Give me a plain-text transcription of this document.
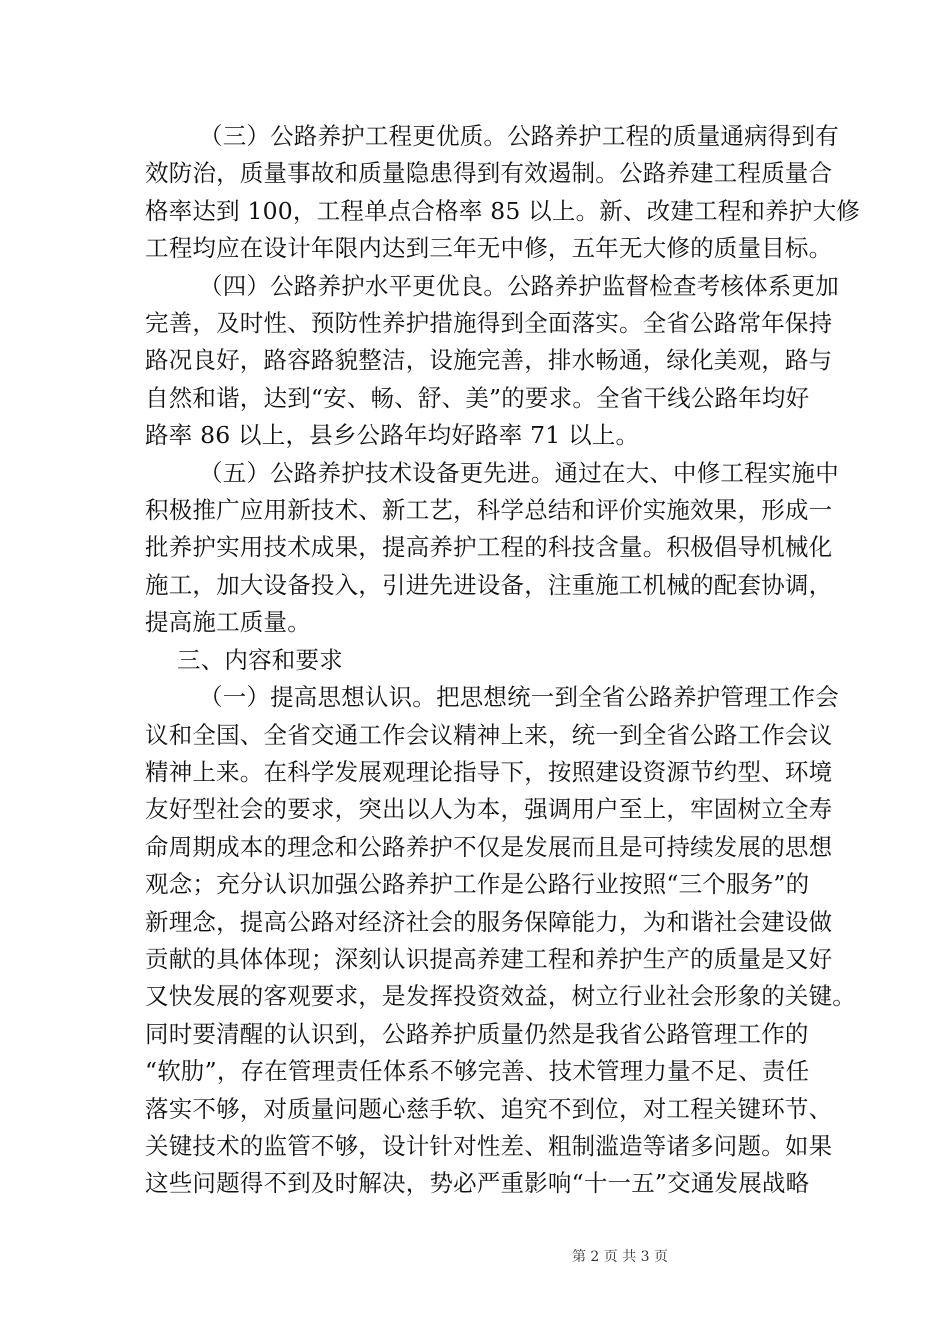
（三）公路养护工程更优质。公路养护工程的质量通病得到有
效防治，质量事故和质量隐患得到有效遏制。公路养建工程质量合
格率达到 100，工程单点合格率 85 以上。新、改建工程和养护大修
工程均应在设计年限内达到三年无中修，五年无大修的质量目标。
（四）公路养护水平更优良。公路养护监督检查考核体系更加
完善，及时性、预防性养护措施得到全面落实。全省公路常年保持
路况良好，路容路貌整洁，设施完善，排水畅通，绿化美观，路与
自然和谐，达到“安、畅、舒、美”的要求。全省干线公路年均好
路率 86 以上，县乡公路年均好路率 71 以上。
（五）公路养护技术设备更先进。通过在大、中修工程实施中
积极推广应用新技术、新工艺，科学总结和评价实施效果，形成一
批养护实用技术成果，提高养护工程的科技含量。积极倡导机械化
施工，加大设备投入，引进先进设备，注重施工机械的配套协调，
提高施工质量。
三、内容和要求
（一）提高思想认识。把思想统一到全省公路养护管理工作会
议和全国、全省交通工作会议精神上来，统一到全省公路工作会议
精神上来。在科学发展观理论指导下，按照建设资源节约型、环境
友好型社会的要求，突出以人为本，强调用户至上，牢固树立全寿
命周期成本的理念和公路养护不仅是发展而且是可持续发展的思想
观念；充分认识加强公路养护工作是公路行业按照“三个服务”的
新理念，提高公路对经济社会的服务保障能力，为和谐社会建设做
贡献的具体体现；深刻认识提高养建工程和养护生产的质量是又好
又快发展的客观要求，是发挥投资效益，树立行业社会形象的关键。
同时要清醒的认识到，公路养护质量仍然是我省公路管理工作的
“软肋”，存在管理责任体系不够完善、技术管理力量不足、责任
落实不够，对质量问题心慈手软、追究不到位，对工程关键环节、
关键技术的监管不够，设计针对性差、粗制滥造等诸多问题。如果
这些问题得不到及时解决，势必严重影响“十一五”交通发展战略
第 2 页 共 3 页
